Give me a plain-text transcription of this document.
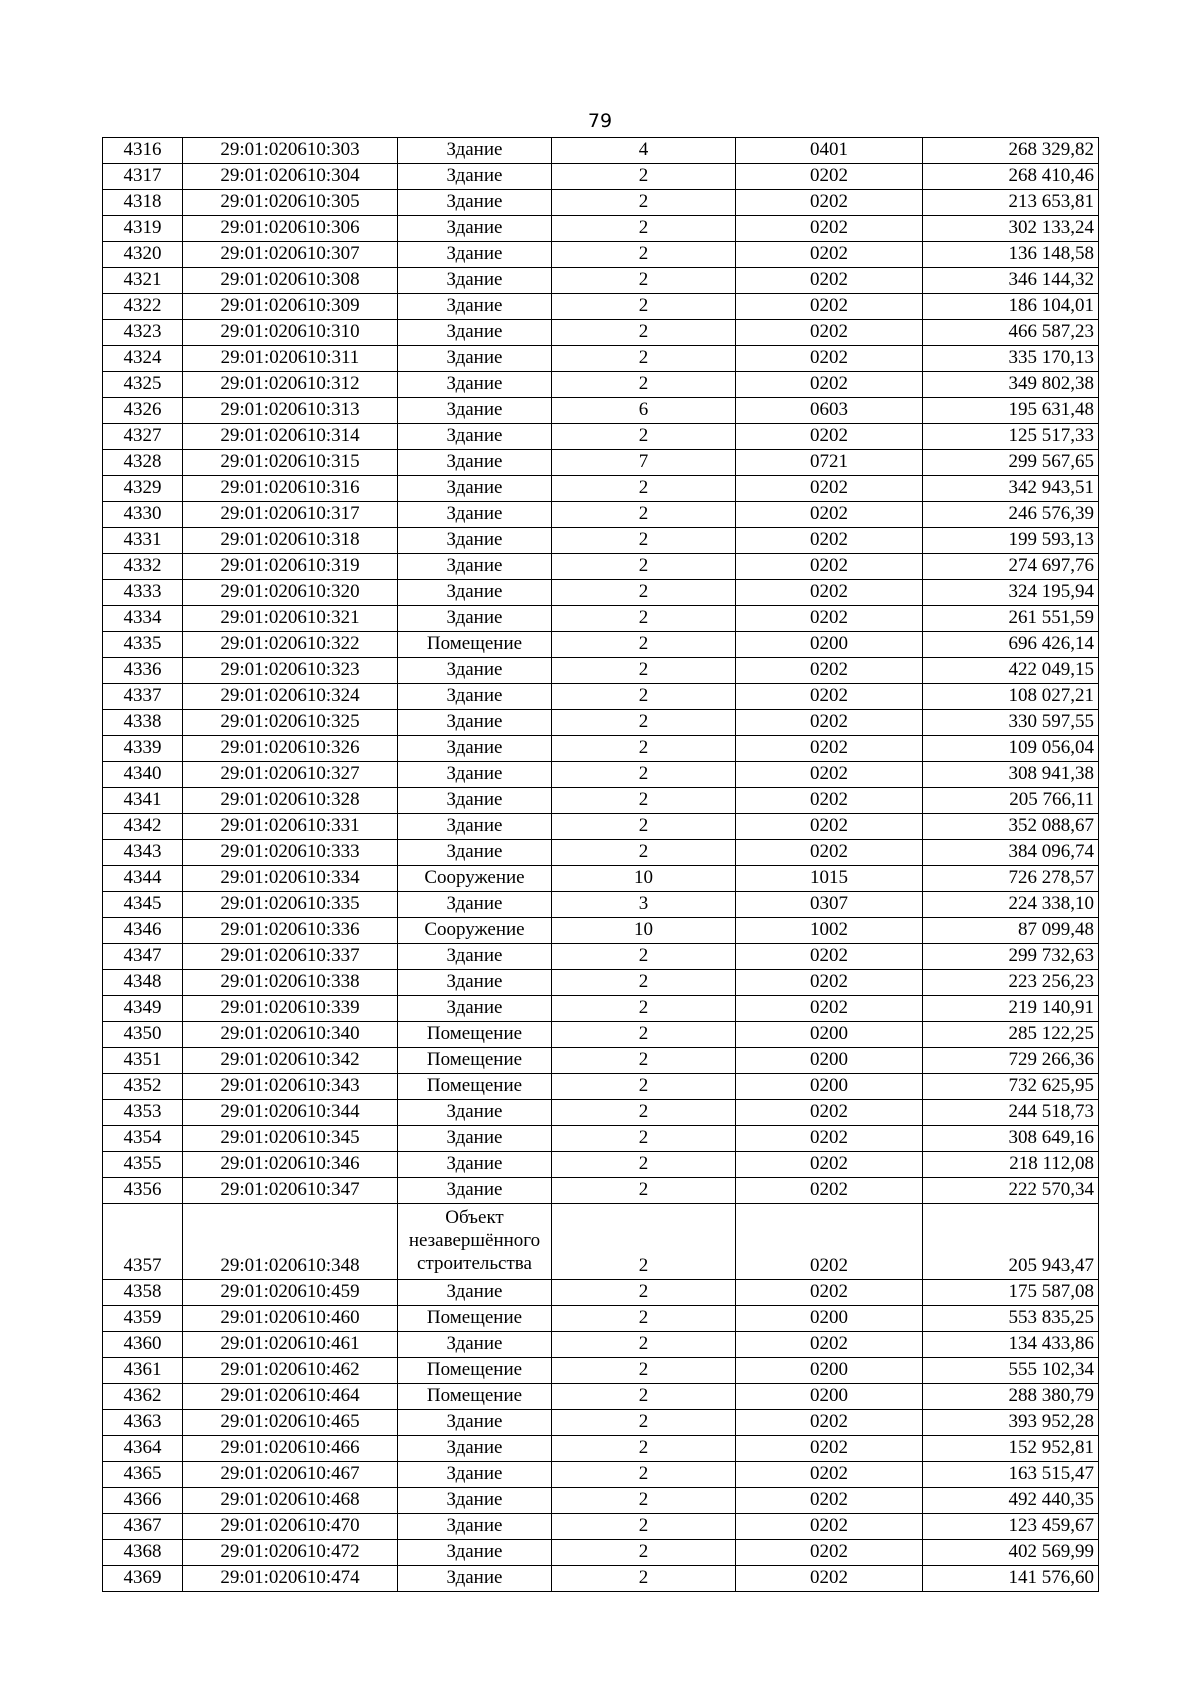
79
4316	29:01:020610:303	Здание	4	0401	268 329,82
4317	29:01:020610:304	Здание	2	0202	268 410,46
4318	29:01:020610:305	Здание	2	0202	213 653,81
4319	29:01:020610:306	Здание	2	0202	302 133,24
4320	29:01:020610:307	Здание	2	0202	136 148,58
4321	29:01:020610:308	Здание	2	0202	346 144,32
4322	29:01:020610:309	Здание	2	0202	186 104,01
4323	29:01:020610:310	Здание	2	0202	466 587,23
4324	29:01:020610:311	Здание	2	0202	335 170,13
4325	29:01:020610:312	Здание	2	0202	349 802,38
4326	29:01:020610:313	Здание	6	0603	195 631,48
4327	29:01:020610:314	Здание	2	0202	125 517,33
4328	29:01:020610:315	Здание	7	0721	299 567,65
4329	29:01:020610:316	Здание	2	0202	342 943,51
4330	29:01:020610:317	Здание	2	0202	246 576,39
4331	29:01:020610:318	Здание	2	0202	199 593,13
4332	29:01:020610:319	Здание	2	0202	274 697,76
4333	29:01:020610:320	Здание	2	0202	324 195,94
4334	29:01:020610:321	Здание	2	0202	261 551,59
4335	29:01:020610:322	Помещение	2	0200	696 426,14
4336	29:01:020610:323	Здание	2	0202	422 049,15
4337	29:01:020610:324	Здание	2	0202	108 027,21
4338	29:01:020610:325	Здание	2	0202	330 597,55
4339	29:01:020610:326	Здание	2	0202	109 056,04
4340	29:01:020610:327	Здание	2	0202	308 941,38
4341	29:01:020610:328	Здание	2	0202	205 766,11
4342	29:01:020610:331	Здание	2	0202	352 088,67
4343	29:01:020610:333	Здание	2	0202	384 096,74
4344	29:01:020610:334	Сооружение	10	1015	726 278,57
4345	29:01:020610:335	Здание	3	0307	224 338,10
4346	29:01:020610:336	Сооружение	10	1002	87 099,48
4347	29:01:020610:337	Здание	2	0202	299 732,63
4348	29:01:020610:338	Здание	2	0202	223 256,23
4349	29:01:020610:339	Здание	2	0202	219 140,91
4350	29:01:020610:340	Помещение	2	0200	285 122,25
4351	29:01:020610:342	Помещение	2	0200	729 266,36
4352	29:01:020610:343	Помещение	2	0200	732 625,95
4353	29:01:020610:344	Здание	2	0202	244 518,73
4354	29:01:020610:345	Здание	2	0202	308 649,16
4355	29:01:020610:346	Здание	2	0202	218 112,08
4356	29:01:020610:347	Здание	2	0202	222 570,34
4357	29:01:020610:348	Объект незавершённого строительства	2	0202	205 943,47
4358	29:01:020610:459	Здание	2	0202	175 587,08
4359	29:01:020610:460	Помещение	2	0200	553 835,25
4360	29:01:020610:461	Здание	2	0202	134 433,86
4361	29:01:020610:462	Помещение	2	0200	555 102,34
4362	29:01:020610:464	Помещение	2	0200	288 380,79
4363	29:01:020610:465	Здание	2	0202	393 952,28
4364	29:01:020610:466	Здание	2	0202	152 952,81
4365	29:01:020610:467	Здание	2	0202	163 515,47
4366	29:01:020610:468	Здание	2	0202	492 440,35
4367	29:01:020610:470	Здание	2	0202	123 459,67
4368	29:01:020610:472	Здание	2	0202	402 569,99
4369	29:01:020610:474	Здание	2	0202	141 576,60
